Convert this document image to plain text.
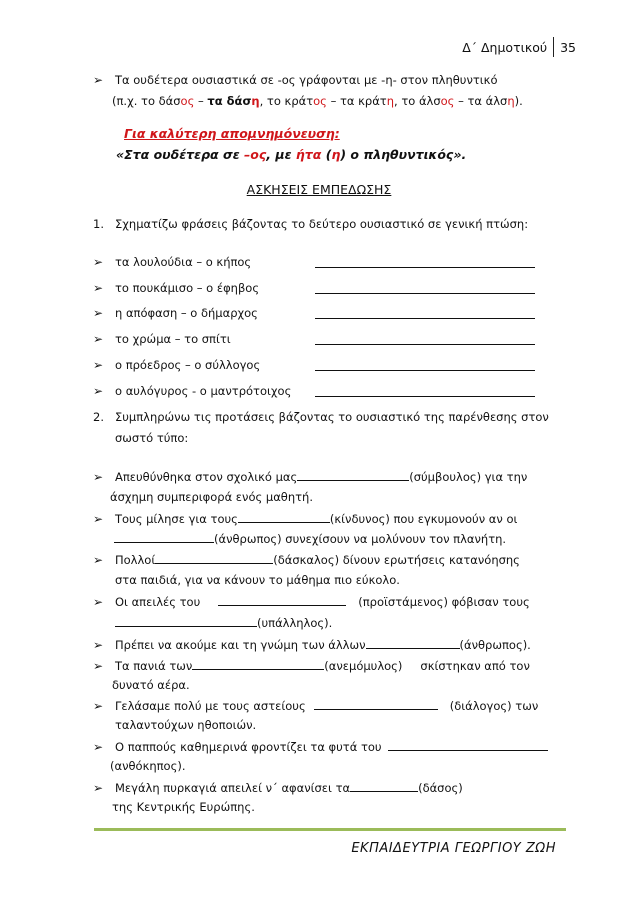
Δ΄ Δημοτικού	35
➢ Τα ουδέτερα ουσιαστικά σε -ος γράφονται με -η- στον πληθυντικό
(π.χ. το δάσος – τα δάση, το κράτος – τα κράτη, το άλσος – τα άλση).
Για καλύτερη απομνημόνευση:
«Στα ουδέτερα σε –ος, με ήτα (η) ο πληθυντικός».
ΑΣΚΗΣΕΙΣ ΕΜΠΕΔΩΣΗΣ
1. Σχηματίζω φράσεις βάζοντας το δεύτερο ουσιαστικό σε γενική πτώση:
➢ τα λουλούδια – ο κήπος
➢ το πουκάμισο – ο έφηβος
➢ η απόφαση – ο δήμαρχος
➢ το χρώμα – το σπίτι
➢ ο πρόεδρος – ο σύλλογος
➢ ο αυλόγυρος - ο μαντρότοιχος
2. Συμπληρώνω τις προτάσεις βάζοντας το ουσιαστικό της παρένθεσης στον
σωστό τύπο:
➢ Απευθύνθηκα στον σχολικό μας	(σύμβουλος) για την
άσχημη συμπεριφορά ενός μαθητή.
➢ Τους μίλησε για τους	(κίνδυνος) που εγκυμονούν αν οι
(άνθρωπος) συνεχίσουν να μολύνουν τον πλανήτη.
➢ Πολλοί	(δάσκαλος) δίνουν ερωτήσεις κατανόησης
στα παιδιά, για να κάνουν το μάθημα πιο εύκολο.
➢ Οι απειλές του	(προϊστάμενος) φόβισαν τους
(υπάλληλος).
➢ Πρέπει να ακούμε και τη γνώμη των άλλων	(άνθρωπος).
➢ Τα πανιά των	(ανεμόμυλος) σκίστηκαν από τον
δυνατό αέρα.
➢ Γελάσαμε πολύ με τους αστείους	(διάλογος) των
ταλαντούχων ηθοποιών.
➢ Ο παππούς καθημερινά φροντίζει τα φυτά του
(ανθόκηπος).
➢ Μεγάλη πυρκαγιά απειλεί ν΄ αφανίσει τα	(δάσος)
της Κεντρικής Ευρώπης.
ΕΚΠΑΙΔΕΥΤΡΙΑ ΓΕΩΡΓΙΟΥ ΖΩΗ
